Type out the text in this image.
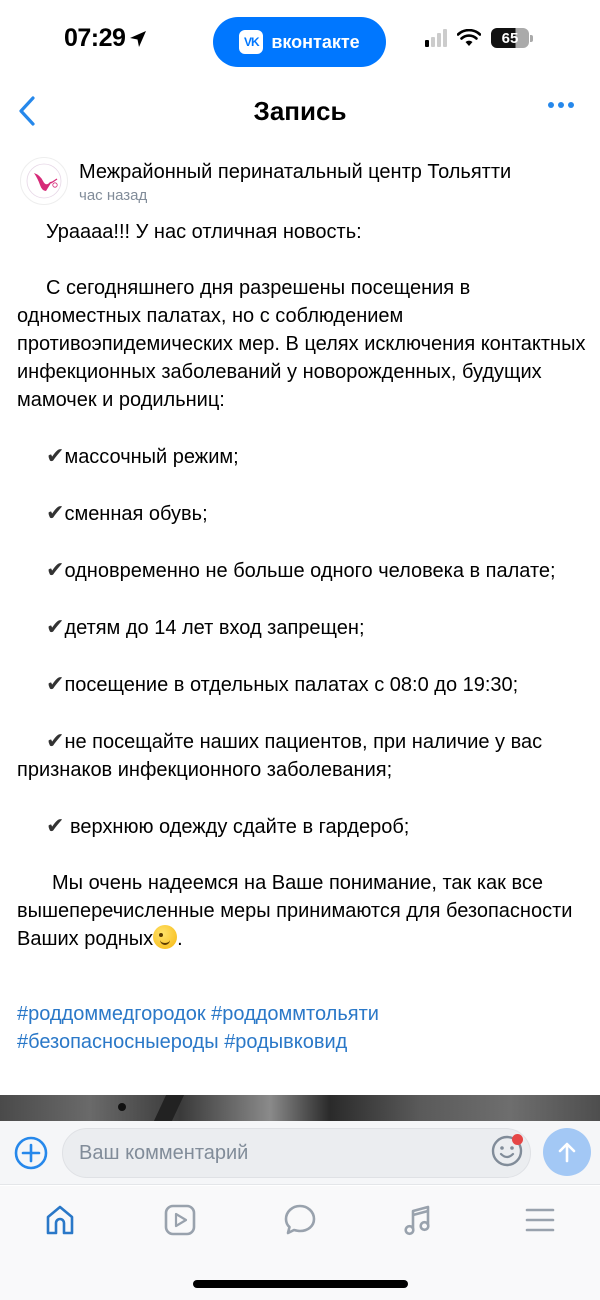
07:29	VK вконтакте	65
Запись
Межрайонный перинатальный центр Тольятти
час назад

Урaaaa!!! У нас отличная новость:

С сегодняшнего дня разрешены посещения в одноместных палатах, но с соблюдением противоэпидемических мер. В целях исключения контактных инфекционных заболеваний у новорожденных, будущих мамочек и родильниц:

✔массочный режим;

✔сменная обувь;

✔одновременно не больше одного человека в палате;

✔детям до 14 лет вход запрещен;

✔посещение в отдельных палатах с 08:0 до 19:30;

✔не посещайте наших пациентов, при наличие у вас признаков инфекционного заболевания;

✔ верхнюю одежду сдайте в гардероб;

Мы очень надеемся на Ваше понимание, так как все вышеперечисленные меры принимаются для безопасности Ваших родных .

#роддоммедгородок #роддоммтольяти
#безопасносныероды #родывковид
Ваш комментарий
